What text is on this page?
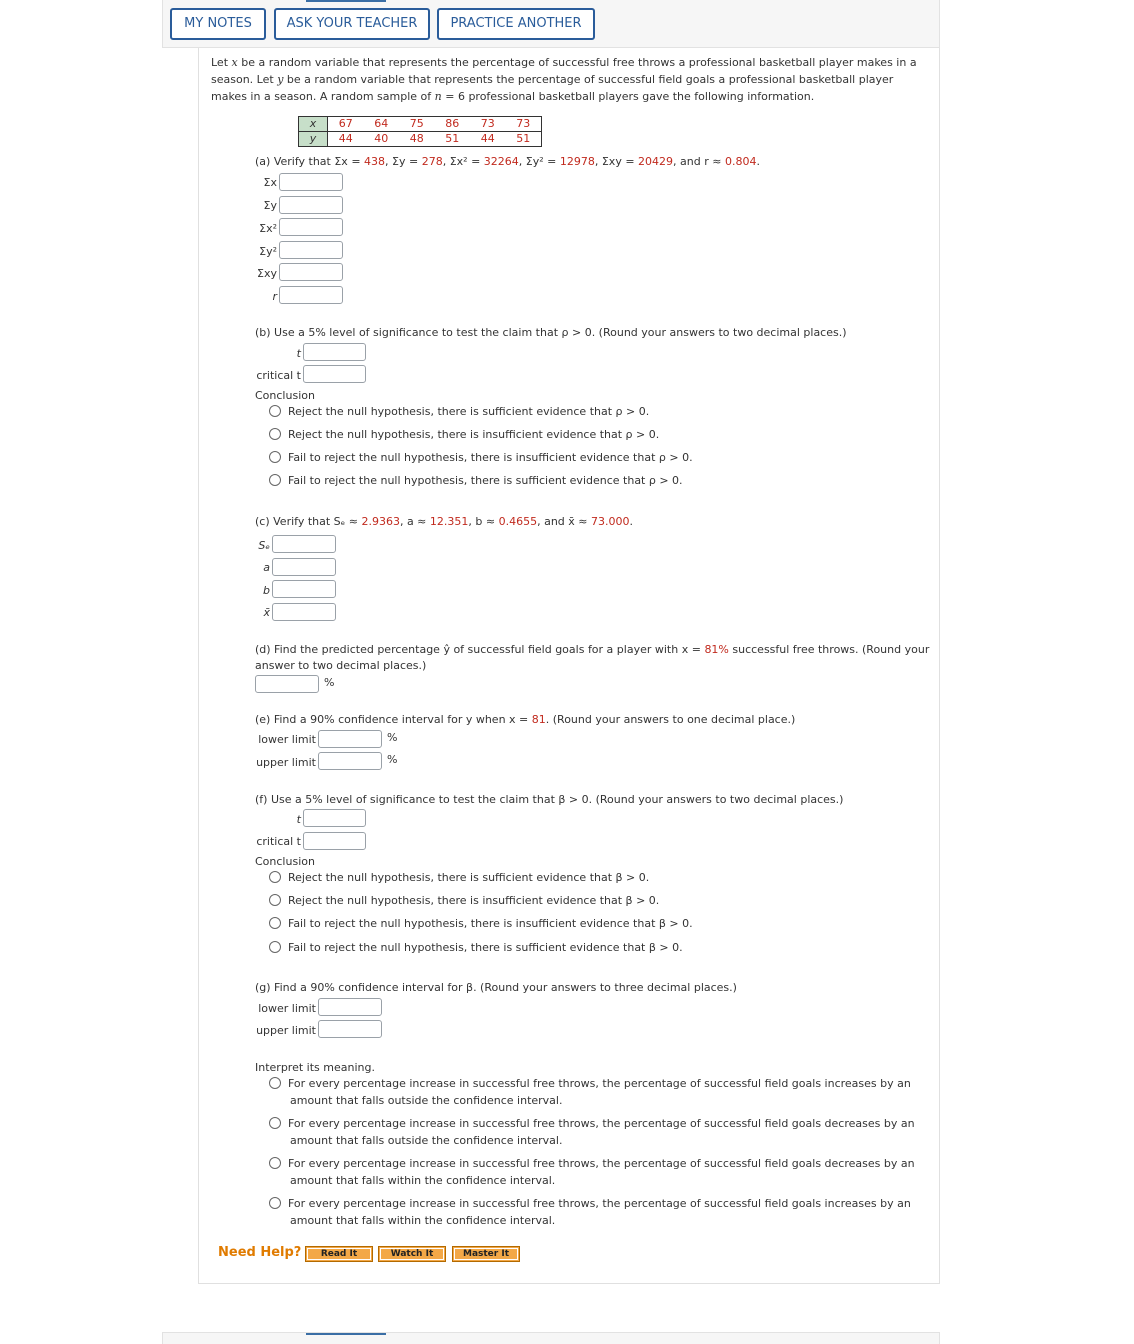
MY NOTES	ASK YOUR TEACHER	PRACTICE ANOTHER
Let x be a random variable that represents the percentage of successful free throws a professional basketball player makes in a season. Let y be a random variable that represents the percentage of successful field goals a professional basketball player makes in a season. A random sample of n = 6 professional basketball players gave the following information.
x	67	64	75	86	73	73
y	44	40	48	51	44	51
(a) Verify that Σx = 438, Σy = 278, Σx² = 32264, Σy² = 12978, Σxy = 20429, and r ≈ 0.804.
Σx
Σy
Σx²
Σy²
Σxy
r
(b) Use a 5% level of significance to test the claim that ρ > 0. (Round your answers to two decimal places.)
t
critical t
Conclusion
Reject the null hypothesis, there is sufficient evidence that ρ > 0.
Reject the null hypothesis, there is insufficient evidence that ρ > 0.
Fail to reject the null hypothesis, there is insufficient evidence that ρ > 0.
Fail to reject the null hypothesis, there is sufficient evidence that ρ > 0.
(c) Verify that Sₑ ≈ 2.9363, a ≈ 12.351, b ≈ 0.4655, and x̄ ≈ 73.000.
Sₑ
a
b
x̄
(d) Find the predicted percentage ŷ of successful field goals for a player with x = 81% successful free throws. (Round your
answer to two decimal places.)
%
(e) Find a 90% confidence interval for y when x = 81. (Round your answers to one decimal place.)
lower limit	%
upper limit	%
(f) Use a 5% level of significance to test the claim that β > 0. (Round your answers to two decimal places.)
t
critical t
Conclusion
Reject the null hypothesis, there is sufficient evidence that β > 0.
Reject the null hypothesis, there is insufficient evidence that β > 0.
Fail to reject the null hypothesis, there is insufficient evidence that β > 0.
Fail to reject the null hypothesis, there is sufficient evidence that β > 0.
(g) Find a 90% confidence interval for β. (Round your answers to three decimal places.)
lower limit
upper limit
Interpret its meaning.
For every percentage increase in successful free throws, the percentage of successful field goals increases by an
amount that falls outside the confidence interval.
For every percentage increase in successful free throws, the percentage of successful field goals decreases by an
amount that falls outside the confidence interval.
For every percentage increase in successful free throws, the percentage of successful field goals decreases by an
amount that falls within the confidence interval.
For every percentage increase in successful free throws, the percentage of successful field goals increases by an
amount that falls within the confidence interval.
Need Help?	Read It	Watch It	Master It
